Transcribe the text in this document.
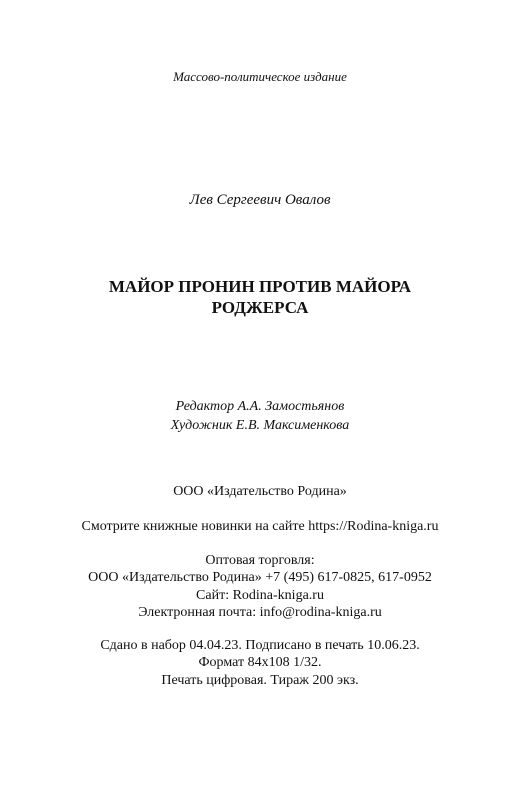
Массово-политическое издание
Лев Сергеевич Овалов
МАЙОР ПРОНИН ПРОТИВ МАЙОРА
РОДЖЕРСА
Редактор А.А. Замостьянов
Художник Е.В. Максименкова
ООО «Издательство Родина»
Смотрите книжные новинки на сайте https://Rodina-kniga.ru
Оптовая торговля:
ООО «Издательство Родина» +7 (495) 617-0825, 617-0952
Сайт: Rodina-kniga.ru
Электронная почта: info@rodina-kniga.ru
Сдано в набор 04.04.23. Подписано в печать 10.06.23.
Формат 84х108 1/32.
Печать цифровая. Тираж 200 экз.
